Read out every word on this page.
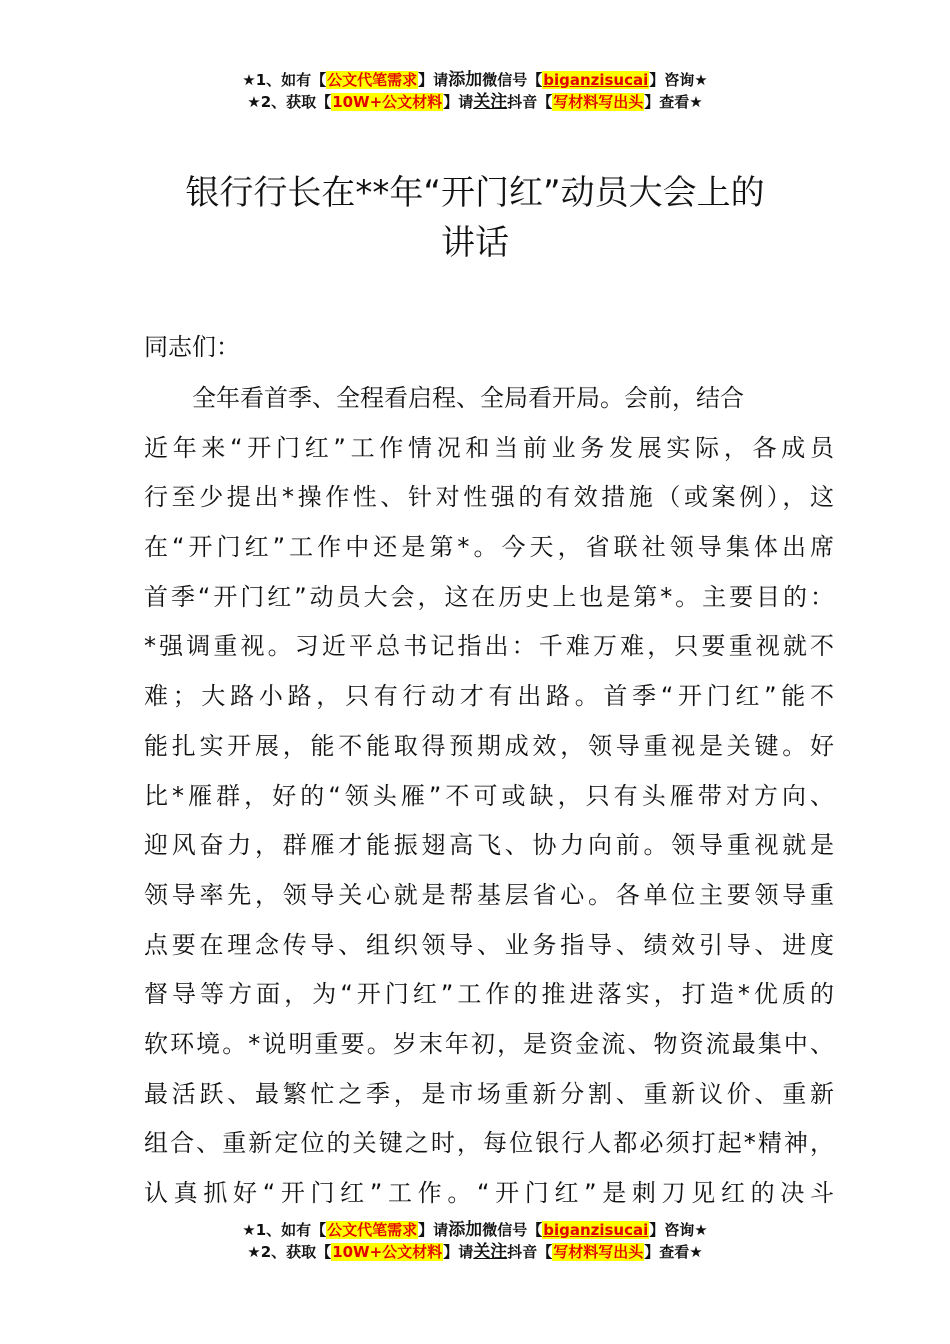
★1、如有【公文代笔需求】请添加微信号【biganzisucai】咨询★
★2、获取【10W+公文材料】请关注抖音【写材料写出头】查看★
银行行长在**年“开门红”动员大会上的
讲话
同志们：
　　全年看首季、全程看启程、全局看开局。会前，结合
近年来“开门红”工作情况和当前业务发展实际，各成员
行至少提出*操作性、针对性强的有效措施（或案例），这
在“开门红”工作中还是第*。今天，省联社领导集体出席
首季“开门红”动员大会，这在历史上也是第*。主要目的：
*强调重视。习近平总书记指出：千难万难，只要重视就不
难；大路小路，只有行动才有出路。首季“开门红”能不
能扎实开展，能不能取得预期成效，领导重视是关键。好
比*雁群，好的“领头雁”不可或缺，只有头雁带对方向、
迎风奋力，群雁才能振翅高飞、协力向前。领导重视就是
领导率先，领导关心就是帮基层省心。各单位主要领导重
点要在理念传导、组织领导、业务指导、绩效引导、进度
督导等方面，为“开门红”工作的推进落实，打造*优质的
软环境。*说明重要。岁末年初，是资金流、物资流最集中、
最活跃、最繁忙之季，是市场重新分割、重新议价、重新
组合、重新定位的关键之时，每位银行人都必须打起*精神，
认真抓好“开门红”工作。“开门红”是刺刀见红的决斗
★1、如有【公文代笔需求】请添加微信号【biganzisucai】咨询★
★2、获取【10W+公文材料】请关注抖音【写材料写出头】查看★
